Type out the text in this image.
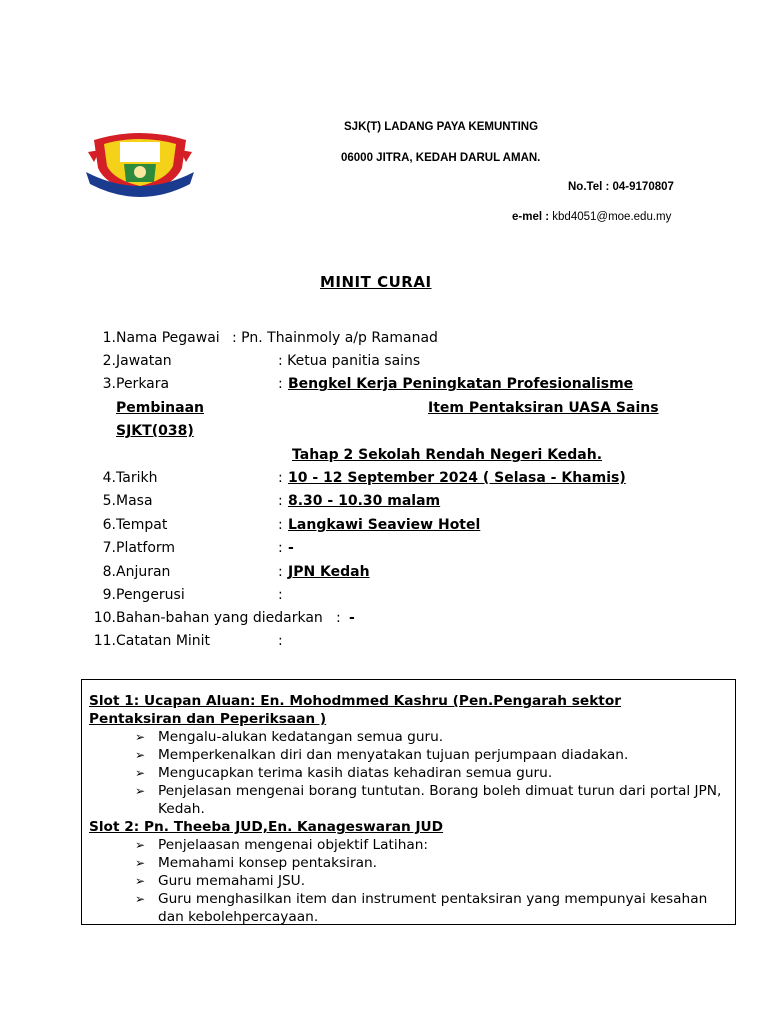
SJK(T) LADANG PAYA KEMUNTING
06000 JITRA, KEDAH DARUL AMAN.
No.Tel : 04-9170807
e-mel : kbd4051@moe.edu.my
MINIT CURAI
1. Nama Pegawai : Pn. Thainmoly a/p Ramanad
2. Jawatan	: Ketua panitia sains
3. Perkara	: Bengkel Kerja Peningkatan Profesionalisme
Pembinaan	Item Pentaksiran UASA Sains
SJKT(038)
Tahap 2 Sekolah Rendah Negeri Kedah.
4. Tarikh	: 10 - 12 September 2024 ( Selasa - Khamis)
5. Masa	: 8.30 - 10.30 malam
6. Tempat	: Langkawi Seaview Hotel
7. Platform	: -
8. Anjuran	: JPN Kedah
9. Pengerusi	:
10. Bahan-bahan yang diedarkan : -
11. Catatan Minit	:
Slot 1: Ucapan Aluan: En. Mohodmmed Kashru (Pen.Pengarah sektor
Pentaksiran dan Peperiksaan )
➢ Mengalu-alukan kedatangan semua guru.
➢ Memperkenalkan diri dan menyatakan tujuan perjumpaan diadakan.
➢ Mengucapkan terima kasih diatas kehadiran semua guru.
➢ Penjelasan mengenai borang tuntutan. Borang boleh dimuat turun dari portal JPN, Kedah.
Slot 2: Pn. Theeba JUD,En. Kanageswaran JUD
➢ Penjelaasan mengenai objektif Latihan:
➢ Memahami konsep pentaksiran.
➢ Guru memahami JSU.
➢ Guru menghasilkan item dan instrument pentaksiran yang mempunyai kesahan dan kebolehpercayaan.
